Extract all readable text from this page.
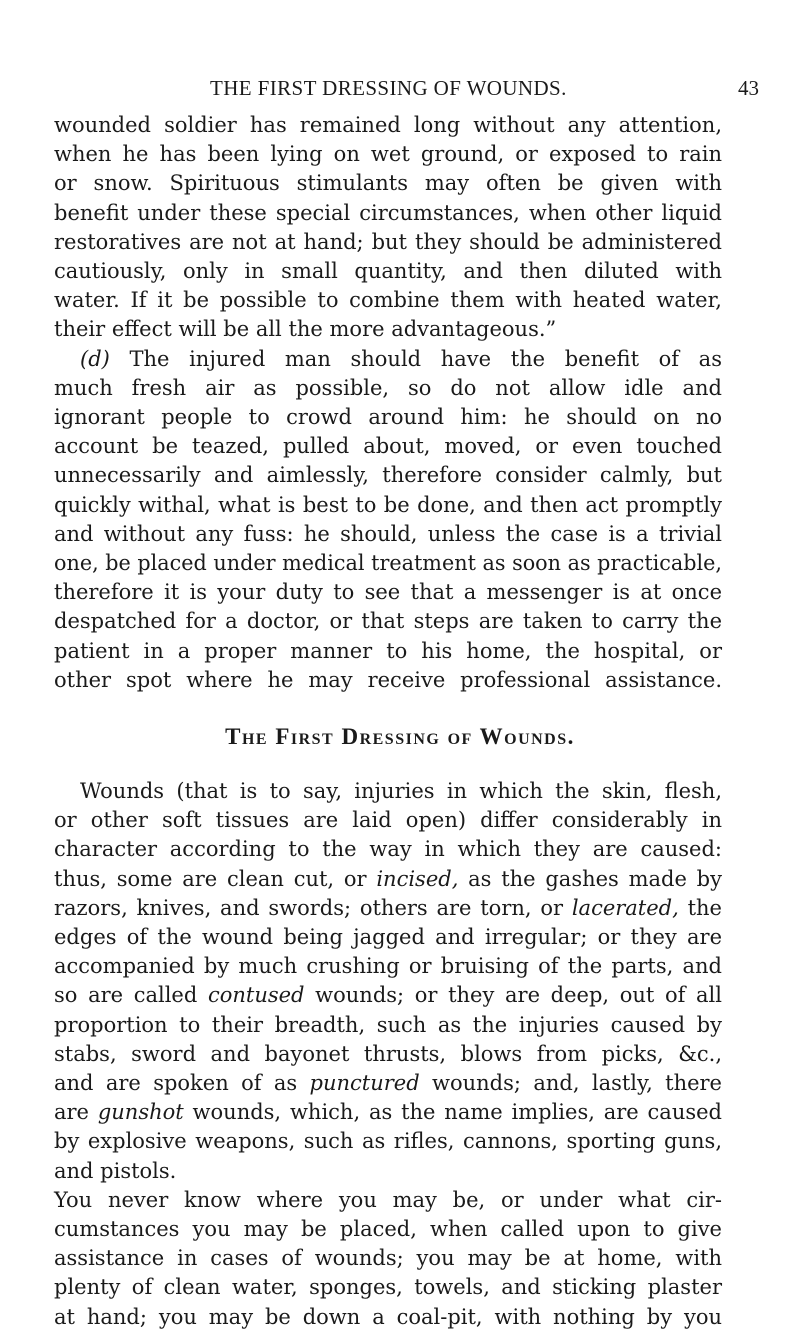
THE FIRST DRESSING OF WOUNDS.	43
wounded soldier has remained long without any attention,
when he has been lying on wet ground, or exposed to rain
or snow. Spirituous stimulants may often be given with
benefit under these special circumstances, when other liquid
restoratives are not at hand; but they should be administered
cautiously, only in small quantity, and then diluted with
water. If it be possible to combine them with heated water,
their effect will be all the more advantageous.”
(d) The injured man should have the benefit of as
much fresh air as possible, so do not allow idle and
ignorant people to crowd around him: he should on no
account be teazed, pulled about, moved, or even touched
unnecessarily and aimlessly, therefore consider calmly, but
quickly withal, what is best to be done, and then act promptly
and without any fuss: he should, unless the case is a trivial
one, be placed under medical treatment as soon as practicable,
therefore it is your duty to see that a messenger is at once
despatched for a doctor, or that steps are taken to carry the
patient in a proper manner to his home, the hospital, or
other spot where he may receive professional assistance.
The First Dressing of Wounds.
Wounds (that is to say, injuries in which the skin, flesh,
or other soft tissues are laid open) differ considerably in
character according to the way in which they are caused:
thus, some are clean cut, or incised, as the gashes made by
razors, knives, and swords; others are torn, or lacerated, the
edges of the wound being jagged and irregular; or they are
accompanied by much crushing or bruising of the parts, and
so are called contused wounds; or they are deep, out of all
proportion to their breadth, such as the injuries caused by
stabs, sword and bayonet thrusts, blows from picks, &c.,
and are spoken of as punctured wounds; and, lastly, there
are gunshot wounds, which, as the name implies, are caused
by explosive weapons, such as rifles, cannons, sporting guns,
and pistols.
You never know where you may be, or under what cir-
cumstances you may be placed, when called upon to give
assistance in cases of wounds; you may be at home, with
plenty of clean water, sponges, towels, and sticking plaster
at hand; you may be down a coal-pit, with nothing by you
